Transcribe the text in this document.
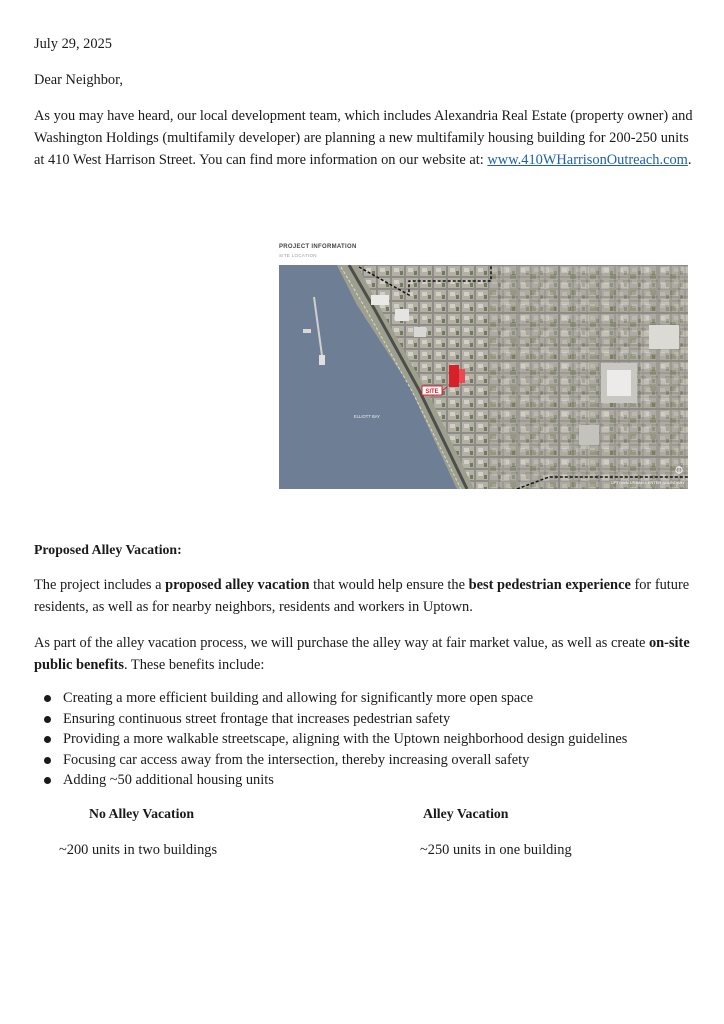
July 29, 2025

Dear Neighbor,

As you may have heard, our local development team, which includes Alexandria Real Estate (property owner) and Washington Holdings (multifamily developer) are planning a new multifamily housing building for 200-250 units at 410 West Harrison Street. You can find more information on our website at: www.410WHarrisonOutreach.com.

PROJECT INFORMATION
SITE LOCATION
SITE
ELLIOTT BAY
UPTOWN URBAN CENTER BOUNDARY

Proposed Alley Vacation:

The project includes a proposed alley vacation that would help ensure the best pedestrian experience for future residents, as well as for nearby neighbors, residents and workers in Uptown.

As part of the alley vacation process, we will purchase the alley way at fair market value, as well as create on-site public benefits. These benefits include:

Creating a more efficient building and allowing for significantly more open space
Ensuring continuous street frontage that increases pedestrian safety
Providing a more walkable streetscape, aligning with the Uptown neighborhood design guidelines
Focusing car access away from the intersection, thereby increasing overall safety
Adding ~50 additional housing units

No Alley Vacation	Alley Vacation

~200 units in two buildings	~250 units in one building
